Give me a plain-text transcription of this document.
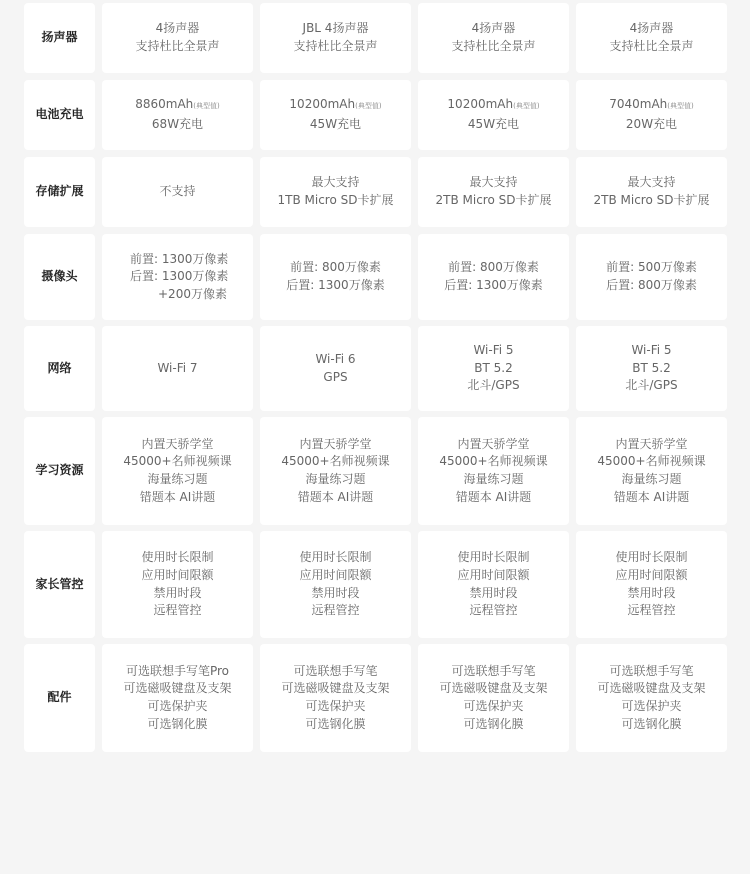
扬声器
4扬声器
支持杜比全景声
JBL 4扬声器
支持杜比全景声
4扬声器
支持杜比全景声
4扬声器
支持杜比全景声
电池充电
8860mAh(典型值)
68W充电
10200mAh(典型值)
45W充电
10200mAh(典型值)
45W充电
7040mAh(典型值)
20W充电
存储扩展	不支持
最大支持
1TB Micro SD卡扩展
最大支持
2TB Micro SD卡扩展
最大支持
2TB Micro SD卡扩展
摄像头
前置: 1300万像素
后置: 1300万像素
+200万像素
前置: 800万像素
后置: 1300万像素
前置: 800万像素
后置: 1300万像素
前置: 500万像素
后置: 800万像素
网络	Wi-Fi 7
Wi-Fi 6
GPS
Wi-Fi 5
BT 5.2
北斗/GPS
Wi-Fi 5
BT 5.2
北斗/GPS
学习资源
内置天骄学堂
45000+名师视频课
海量练习题
错题本 AI讲题
内置天骄学堂
45000+名师视频课
海量练习题
错题本 AI讲题
内置天骄学堂
45000+名师视频课
海量练习题
错题本 AI讲题
内置天骄学堂
45000+名师视频课
海量练习题
错题本 AI讲题
家长管控
使用时长限制
应用时间限额
禁用时段
远程管控
使用时长限制
应用时间限额
禁用时段
远程管控
使用时长限制
应用时间限额
禁用时段
远程管控
使用时长限制
应用时间限额
禁用时段
远程管控
配件
可选联想手写笔Pro
可选磁吸键盘及支架
可选保护夹
可选钢化膜
可选联想手写笔
可选磁吸键盘及支架
可选保护夹
可选钢化膜
可选联想手写笔
可选磁吸键盘及支架
可选保护夹
可选钢化膜
可选联想手写笔
可选磁吸键盘及支架
可选保护夹
可选钢化膜
